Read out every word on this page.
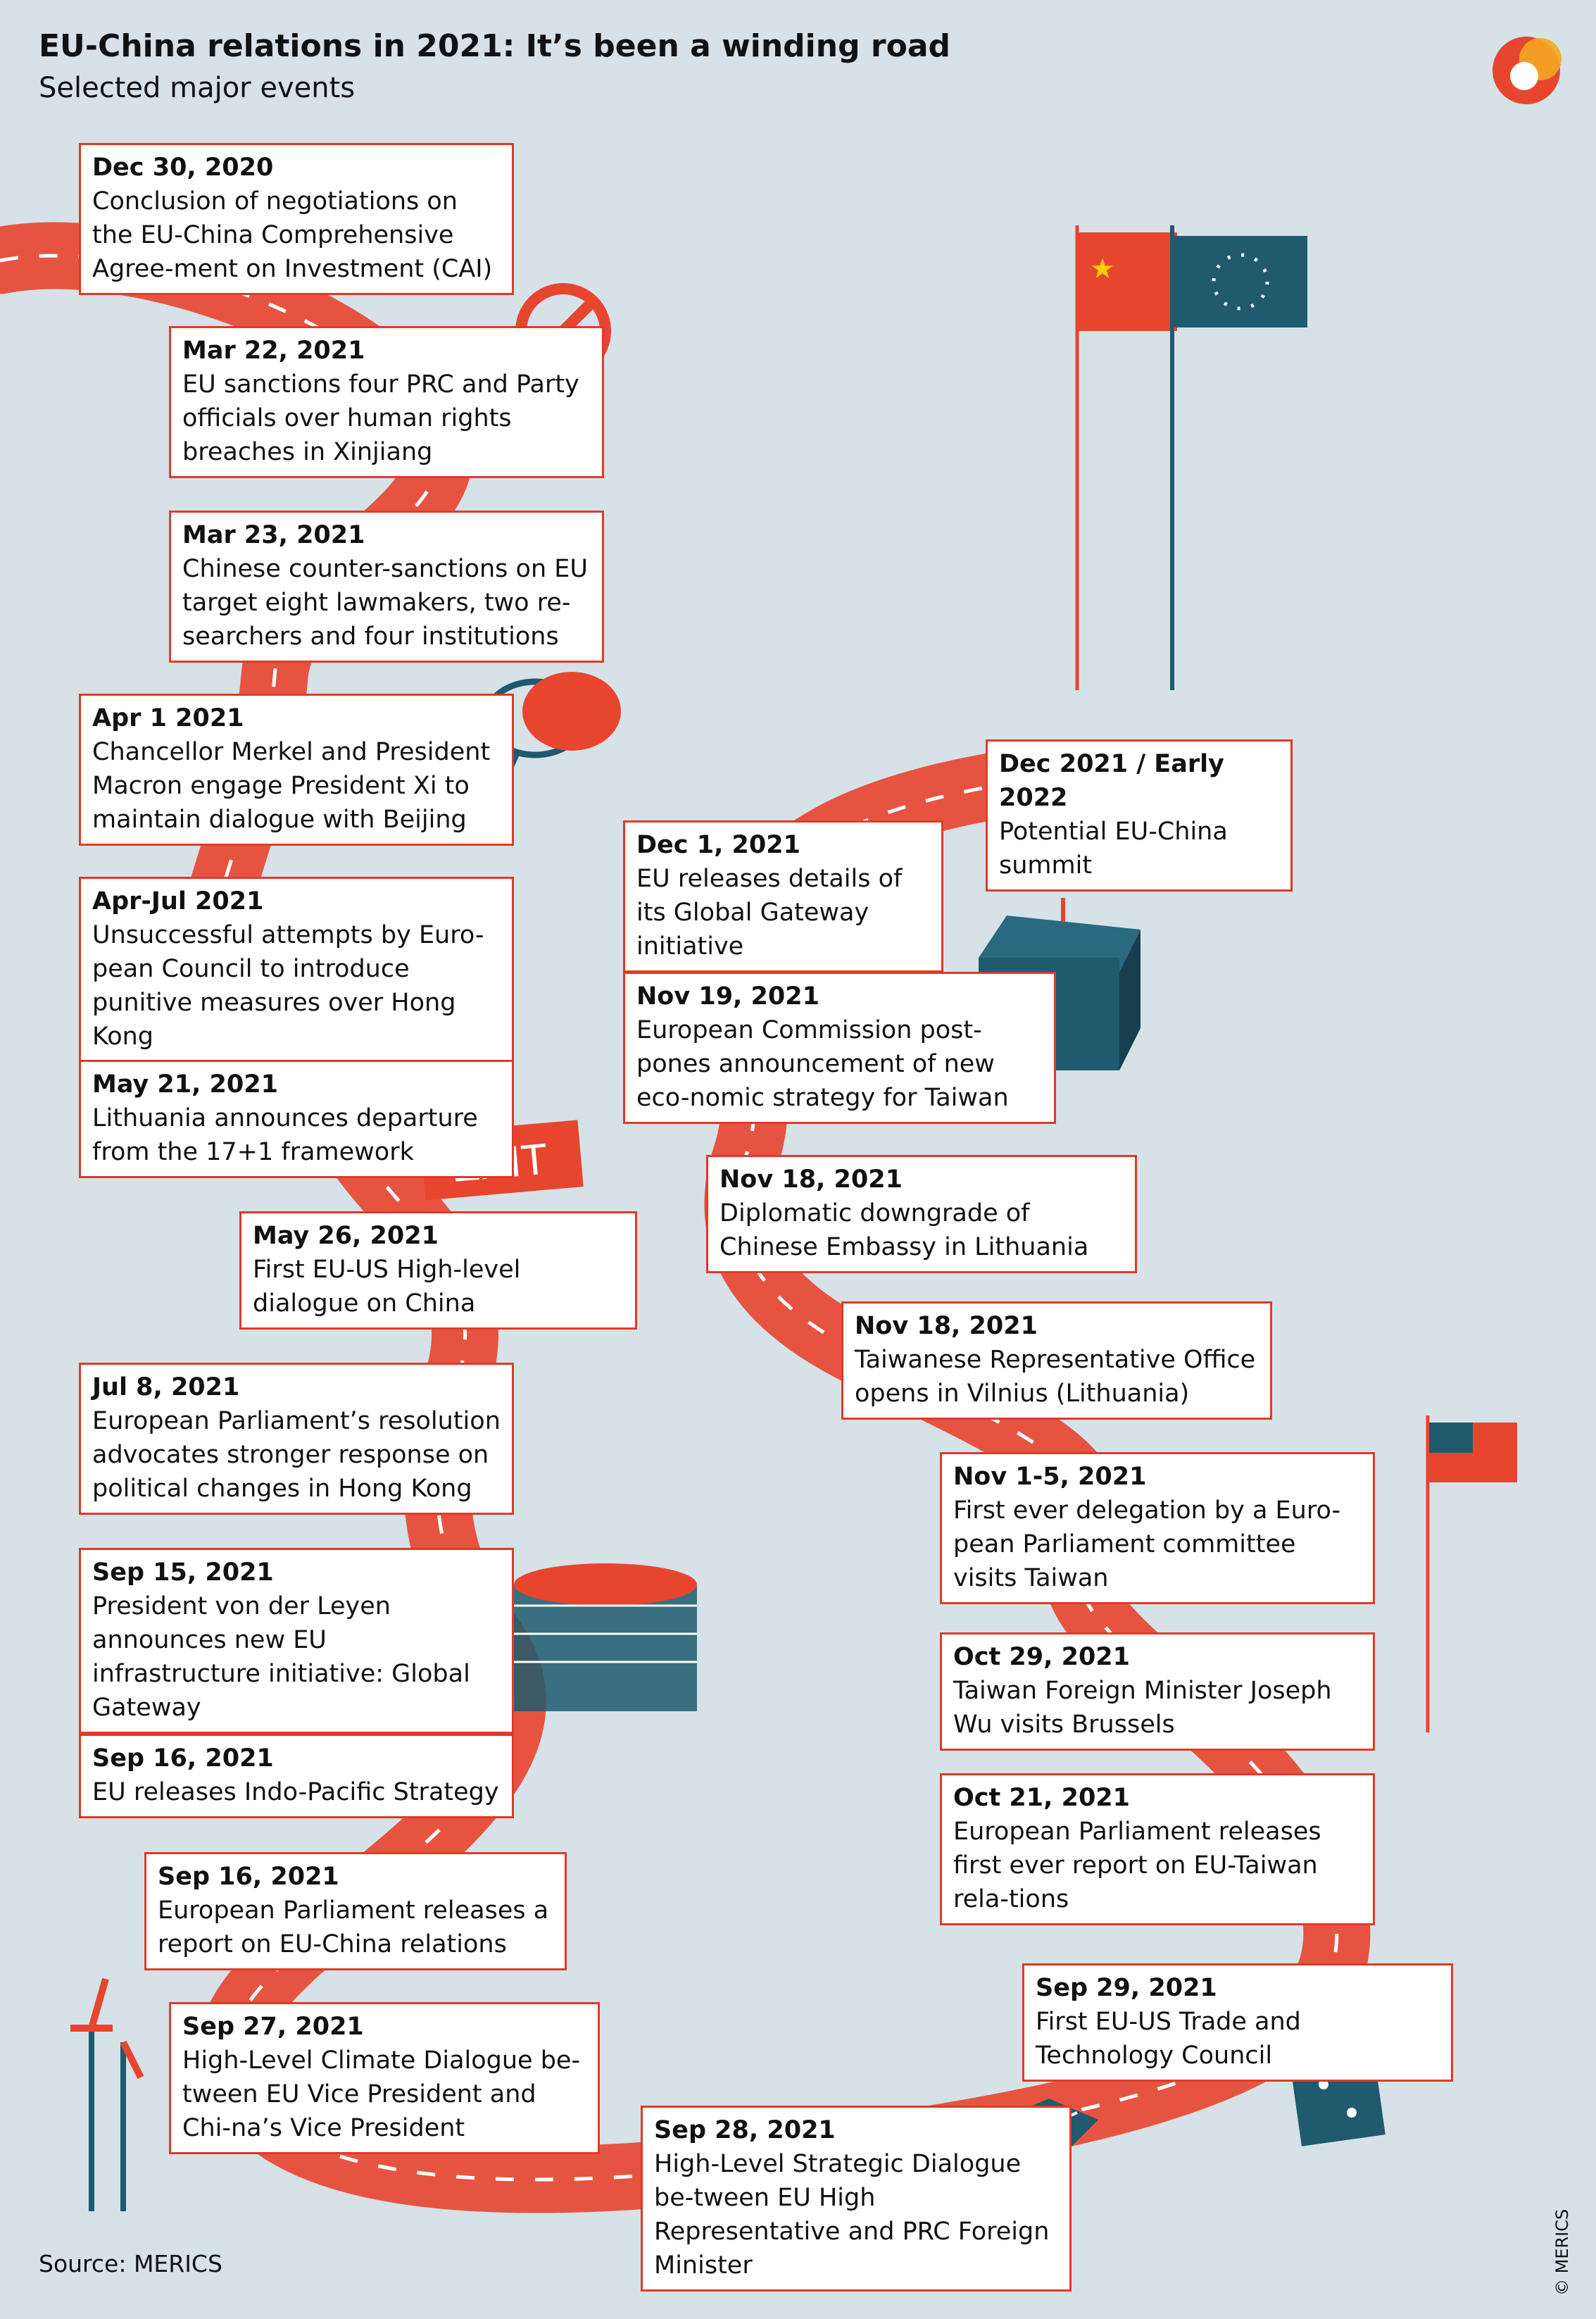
★
EU-China relations in 2021: It’s been a winding road

Selected major events

Dec 30, 2020
Conclusion of negotiations on the EU-China Comprehensive Agree-ment on Investment (CAI)
Mar 22, 2021
EU sanctions four PRC and Party officials over human rights breaches in Xinjiang
Mar 23, 2021
Chinese counter-sanctions on EU target eight lawmakers, two re-searchers and four institutions
Apr 1 2021
Chancellor Merkel and President Macron engage President Xi to maintain dialogue with Beijing
Apr-Jul 2021
Unsuccessful attempts by Euro-pean Council to introduce punitive measures over Hong Kong
May 21, 2021
Lithuania announces departure from the 17+1 framework
May 26, 2021
First EU-US High-level dialogue on China
Jul 8, 2021
European Parliament’s resolution advocates stronger response on political changes in Hong Kong
Sep 15, 2021
President von der Leyen announces new EU infrastructure initiative: Global Gateway
Sep 16, 2021
EU releases Indo-Pacific Strategy
Sep 16, 2021
European Parliament releases a report on EU-China relations
Sep 27, 2021
High-Level Climate Dialogue be-tween EU Vice President and Chi-na’s Vice President	Sep 28, 2021
High-Level Strategic Dialogue be-tween EU High Representative and PRC Foreign Minister
Sep 29, 2021
First EU-US Trade and Technology Council
Oct 21, 2021
European Parliament releases first ever report on EU-Taiwan rela-tions
Oct 29, 2021
Taiwan Foreign Minister Joseph Wu visits Brussels
Nov 1-5, 2021
First ever delegation by a Euro-pean Parliament committee visits Taiwan
Nov 18, 2021
Taiwanese Representative Office opens in Vilnius (Lithuania)
Nov 18, 2021
Diplomatic downgrade of Chinese Embassy in Lithuania
Nov 19, 2021
European Commission post-pones announcement of new eco-nomic strategy for Taiwan
Dec 1, 2021
EU releases details of its Global Gateway initiative
Dec 2021 / Early 2022
Potential EU-China summit
Source: MERICS	© MERICS
